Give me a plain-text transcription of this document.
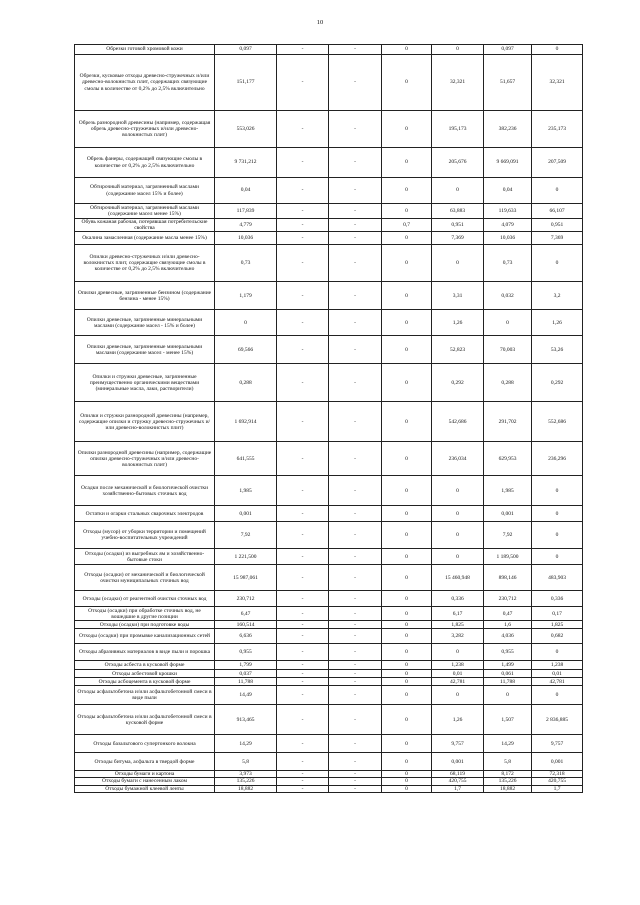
10
Обрезки готовой хромовой кожи	0,097	-	-	0	0	0,097	0
Обрезки, кусковые отходы древесно-стружечных и/или древесно-волокнистых плит, содержащих связующие смолы в количестве от 0,2% до 2,5% включительно	151,177	-	-	0	32,321	51,657	32,321
Обрезь разнородной древесины (например, содержащая обрезь древесно-стружечных и/или древесно-волокнистых плит)	553,026	-	-	0	195,173	382,236	235,173
Обрезь фанеры, содержащей связующие смолы в количестве от 0,2% до 2,5% включительно	9 731,212	-	-	0	205,676	9 669,091	207,509
Обтирочный материал, загрязненный маслами (содержание масел 15% и более)	0,04	-	-	0	0	0,04	0
Обтирочный материал, загрязненный маслами (содержание масел менее 15%)	117,839	-	-	0	63,883	119,633	66,107
Обувь кожаная рабочая, потерявшая потребительские свойства	4,779	-	-	0,7	0,951	4,079	0,951
Окалина замасленная (содержание масла менее 15%)	10,036	-	-	0	7,369	10,036	7,369
Опилки древесно-стружечных и/или древесно-волокнистых плит, содержащие связующие смолы в количестве от 0,2% до 2,5% включительно	0,73	-	-	0	0	0,73	0
Опилки древесные, загрязненные бензином (содержание бензина - менее 15%)	1,179	-	-	0	3,31	0,032	3,2
Опилки древесные, загрязненные минеральными маслами (содержание масел - 15% и более)	0	-	-	0	1,26	0	1,26
Опилки древесные, загрязненные минеральными маслами (содержание масел - менее 15%)	69,566	-	-	0	52,823	70,003	53,26
Опилки и стружки древесные, загрязненные преимущественно органическими веществами (минеральные масла, лаки, растворители)	0,288	-	-	0	0,292	0,288	0,292
Опилки и стружки разнородной древесины (например, содержащие опилки и стружку древесно-стружечных и/или древесно-волокнистых плит)	1 692,914	-	-	0	542,686	291,702	552,686
Опилки разнородной древесины (например, содержащие опилки древесно-стружечных и/или древесно-волокнистых плит)	641,555	-	-	0	236,034	629,953	236,296
Осадки после механической и биологической очистки хозяйственно-бытовых сточных вод	1,985	-	-	0	0	1,985	0
Остатки и огарки стальных сварочных электродов	0,001	-	-	0	0	0,001	0
Отходы (мусор) от уборки территории и помещений учебно-воспитательных учреждений	7,92	-	-	0	0	7,92	0
Отходы (осадки) из выгребных ям и хозяйственно-бытовые стоки	1 221,500	-	-	0	0	1 189,500	0
Отходы (осадки) от механической и биологической очистки муниципальных сточных вод	15 987,061	-	-	0	15 460,948	898,146	483,903
Отходы (осадки) от реагентной очистки сточных вод	230,712	-	-	0	0,336	230,712	0,336
Отходы (осадки) при обработке сточных вод, не вошедшие в другие позиции	6,47	-	-	0	6,17	0,47	0,17
Отходы (осадки) при подготовке воды	160,514	-	-	0	1,825	1,6	1,825
Отходы (осадки) при промывке канализационных сетей	6,636	-	-	0	3,282	4,036	0,682
Отходы абразивных материалов в виде пыли и порошка	0,955	-	-	0	0	0,955	0
Отходы асбеста в кусковой форме	1,799	-	-	0	1,238	1,499	1,238
Отходы асбестовой крошки	0,037	-	-	0	0,01	0,061	0,01
Отходы асбоцемента в кусковой форме	11,788	-	-	0	42,781	11,788	42,781
Отходы асфальтобетона и/или асфальтобетонной смеси в виде пыли	14,49	-	-	0	0	0	0
Отходы асфальтобетона и/или асфальтобетонной смеси в кусковой форме	913,465	-	-	0	1,26	1,507	2 836,885
Отходы базальтового супертонкого волокна	14,29	-	-	0	9,757	14,29	9,757
Отходы битума, асфальта в твердой форме	5,8	-	-	0	0,001	5,8	0,001
Отходы бумаги и картона	3,973	-	-	0	68,119	8,172	72,318
Отходы бумаги с нанесенным лаком	135,226	-	-	0	420,755	135,226	420,755
Отходы бумажной клеевой ленты	18,882	-	-	0	1,7	18,882	1,7
